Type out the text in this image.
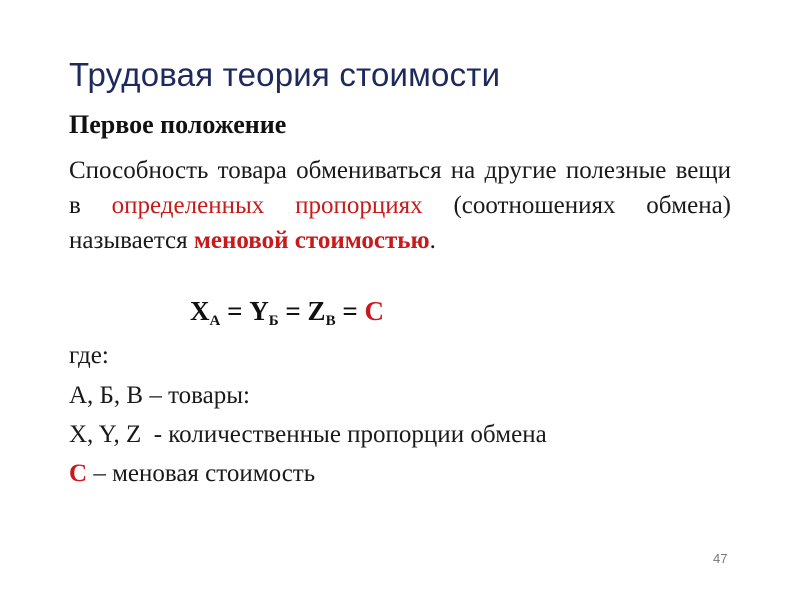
Трудовая теория стоимости
Первое положение
Способность товара обмениваться на другие полезные вещи в определенных пропорциях (соотношениях обмена) называется меновой стоимостью.
$X_А = Y_Б = Z_В = С$
где:
А, Б, В – товары:
X, Y, Z  - количественные пропорции обмена
С – меновая стоимость
47
